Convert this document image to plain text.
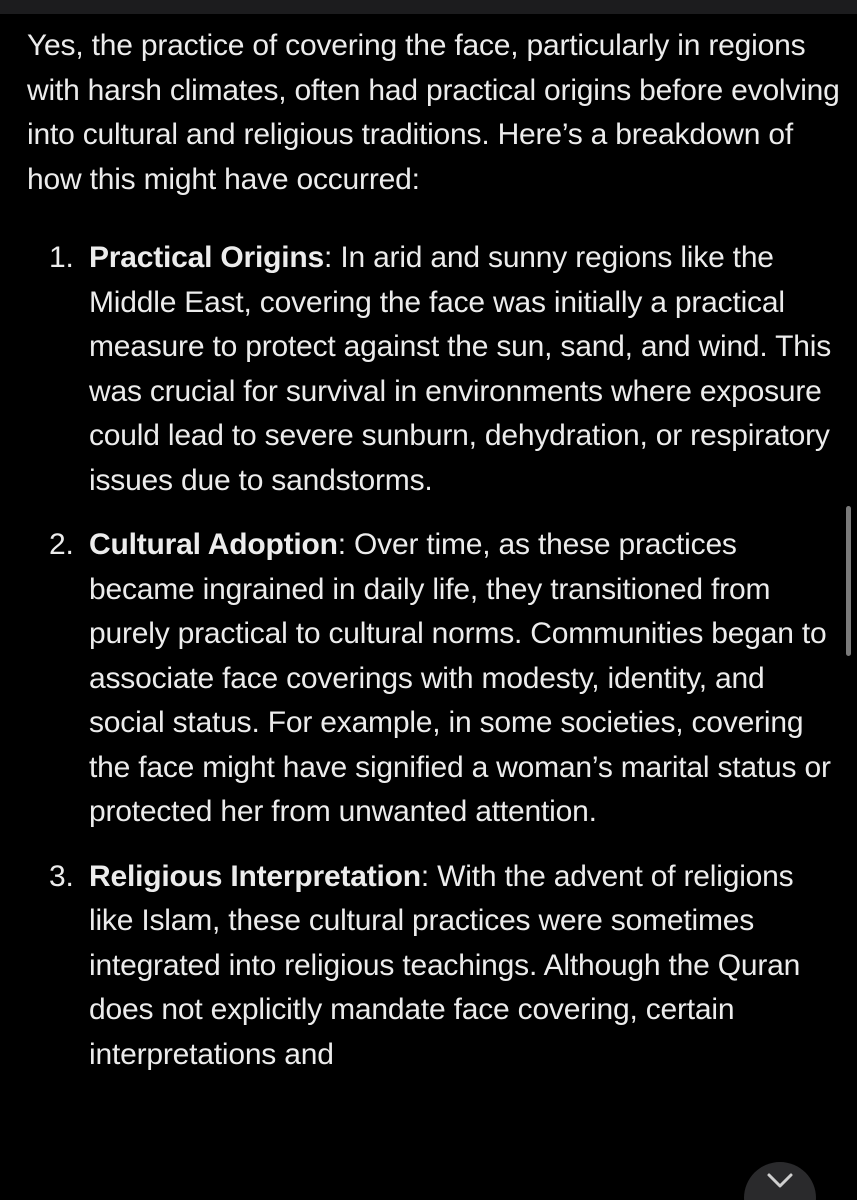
Yes, the practice of covering the face, particularly in regions with harsh climates, often had practical origins before evolving into cultural and religious traditions. Here’s a breakdown of how this might have occurred:
1. Practical Origins: In arid and sunny regions like the Middle East, covering the face was initially a practical measure to protect against the sun, sand, and wind. This was crucial for survival in environments where exposure could lead to severe sunburn, dehydration, or respiratory issues due to sandstorms.
2. Cultural Adoption: Over time, as these practices became ingrained in daily life, they transitioned from purely practical to cultural norms. Communities began to associate face coverings with modesty, identity, and social status. For example, in some societies, covering the face might have signified a woman’s marital status or protected her from unwanted attention.
3. Religious Interpretation: With the advent of religions like Islam, these cultural practices were sometimes integrated into religious teachings. Although the Quran does not explicitly mandate face covering, certain interpretations and
